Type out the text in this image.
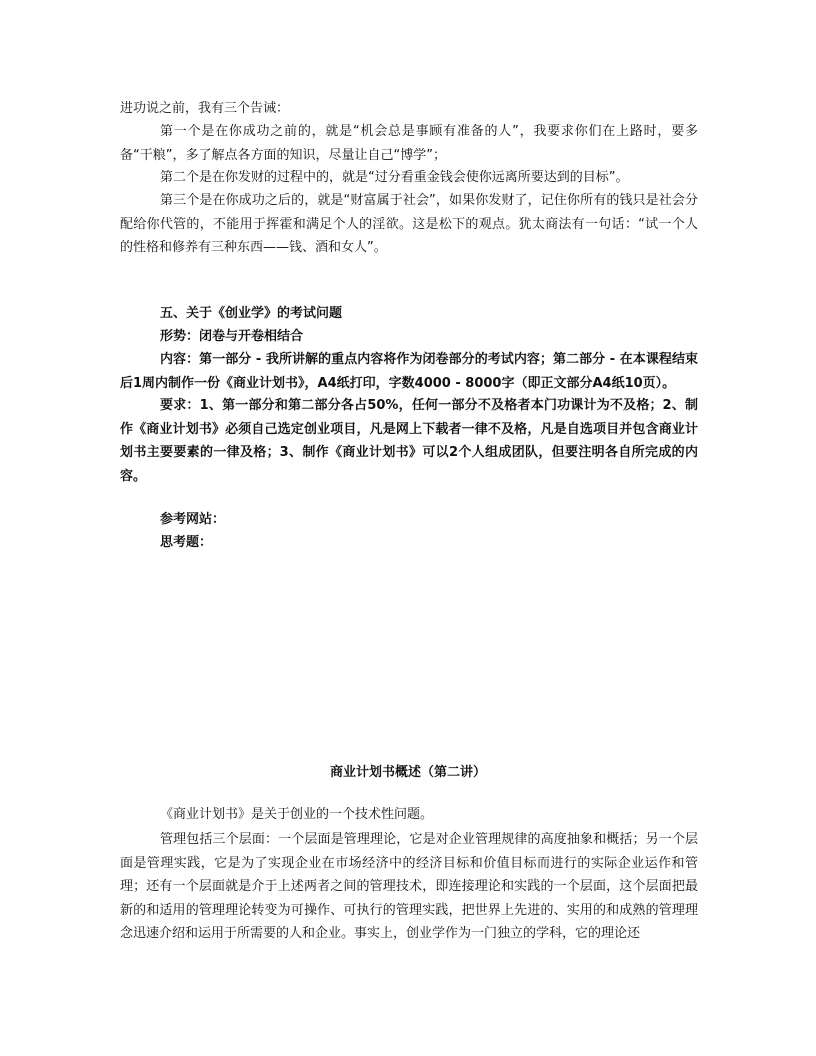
进功说之前，我有三个告诫：

第一个是在你成功之前的，就是“机会总是事顾有准备的人”，我要求你们在上路时，要多备“干粮”，多了解点各方面的知识，尽量让自己“博学”；

第二个是在你发财的过程中的，就是“过分看重金钱会使你远离所要达到的目标”。

第三个是在你成功之后的，就是“财富属于社会”，如果你发财了，记住你所有的钱只是社会分配给你代管的，不能用于挥霍和满足个人的淫欲。这是松下的观点。犹太商法有一句话：“试一个人的性格和修养有三种东西——钱、酒和女人”。

五、关于《创业学》的考试问题

形势：闭卷与开卷相结合

内容：第一部分 - 我所讲解的重点内容将作为闭卷部分的考试内容；第二部分 - 在本课程结束后1周内制作一份《商业计划书》，A4纸打印，字数4000 - 8000字（即正文部分A4纸10页）。

要求：1、第一部分和第二部分各占50%，任何一部分不及格者本门功课计为不及格；2、制作《商业计划书》必须自己选定创业项目，凡是网上下载者一律不及格，凡是自选项目并包含商业计划书主要要素的一律及格；3、制作《商业计划书》可以2个人组成团队，但要注明各自所完成的内容。

参考网站：

思考题：

商业计划书概述（第二讲）

《商业计划书》是关于创业的一个技术性问题。

管理包括三个层面：一个层面是管理理论，它是对企业管理规律的高度抽象和概括；另一个层面是管理实践，它是为了实现企业在市场经济中的经济目标和价值目标而进行的实际企业运作和管理；还有一个层面就是介于上述两者之间的管理技术，即连接理论和实践的一个层面，这个层面把最新的和适用的管理理论转变为可操作、可执行的管理实践，把世界上先进的、实用的和成熟的管理理念迅速介绍和运用于所需要的人和企业。事实上，创业学作为一门独立的学科，它的理论还
